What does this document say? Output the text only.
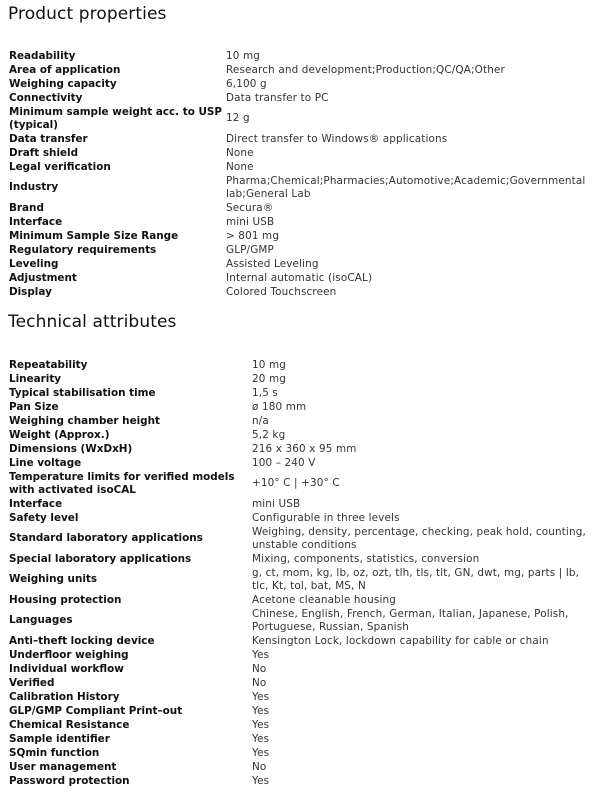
Product properties
Readability	10 mg
Area of application	Research and development;Production;QC/QA;Other
Weighing capacity	6,100 g
Connectivity	Data transfer to PC
Minimum sample weight acc. to USP (typical)	12 g
Data transfer	Direct transfer to Windows® applications
Draft shield	None
Legal verification	None
Industry	Pharma;Chemical;Pharmacies;Automotive;Academic;Governmental lab;General Lab
Brand	Secura®
Interface	mini USB
Minimum Sample Size Range	> 801 mg
Regulatory requirements	GLP/GMP
Leveling	Assisted Leveling
Adjustment	Internal automatic (isoCAL)
Display	Colored Touchscreen
Technical attributes
Repeatability	10 mg
Linearity	20 mg
Typical stabilisation time	1,5 s
Pan Size	ø 180 mm
Weighing chamber height	n/a
Weight (Approx.)	5,2 kg
Dimensions (WxDxH)	216 x 360 x 95 mm
Line voltage	100 – 240 V
Temperature limits for verified models with activated isoCAL	+10° C | +30° C
Interface	mini USB
Safety level	Configurable in three levels
Standard laboratory applications	Weighing, density, percentage, checking, peak hold, counting, unstable conditions
Special laboratory applications	Mixing, components, statistics, conversion
Weighing units	g, ct, mom, kg, lb, oz, ozt, tlh, tls, tlt, GN, dwt, mg, parts | lb, tlc, Kt, tol, bat, MS, N
Housing protection	Acetone cleanable housing
Languages	Chinese, English, French, German, Italian, Japanese, Polish, Portuguese, Russian, Spanish
Anti–theft locking device	Kensington Lock, lockdown capability for cable or chain
Underfloor weighing	Yes
Individual workflow	No
Verified	No
Calibration History	Yes
GLP/GMP Compliant Print–out	Yes
Chemical Resistance	Yes
Sample identifier	Yes
SQmin function	Yes
User management	No
Password protection	Yes
